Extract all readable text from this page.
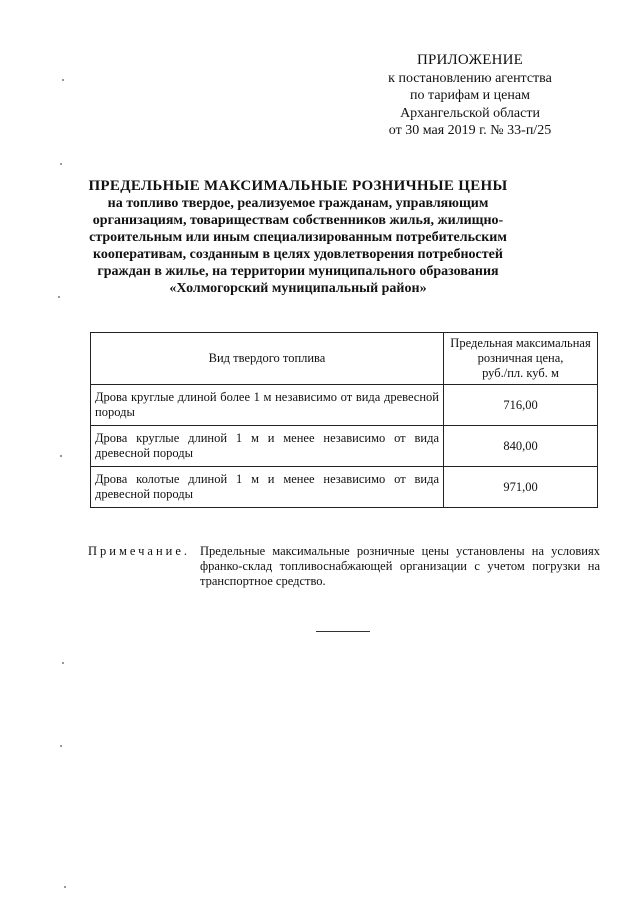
ПРИЛОЖЕНИЕ
к постановлению агентства
по тарифам и ценам
Архангельской области
от 30 мая 2019 г. № 33-п/25
ПРЕДЕЛЬНЫЕ МАКСИМАЛЬНЫЕ РОЗНИЧНЫЕ ЦЕНЫ
на топливо твердое, реализуемое гражданам, управляющим
организациям, товариществам собственников жилья, жилищно-
строительным или иным специализированным потребительским
кооперативам, созданным в целях удовлетворения потребностей
граждан в жилье, на территории муниципального образования
«Холмогорский муниципальный район»
Вид твердого топлива	Предельная максимальная
розничная цена,
руб./пл. куб. м

Дрова круглые длиной более 1 м независимо от вида древесной породы	716,00
Дрова круглые длиной 1 м и менее независимо от вида древесной породы	840,00
Дрова колотые длиной 1 м и менее независимо от вида древесной породы	971,00
Примечание. Предельные максимальные розничные цены установлены на условиях франко-склад топливоснабжающей организации с учетом погрузки на транспортное средство.
